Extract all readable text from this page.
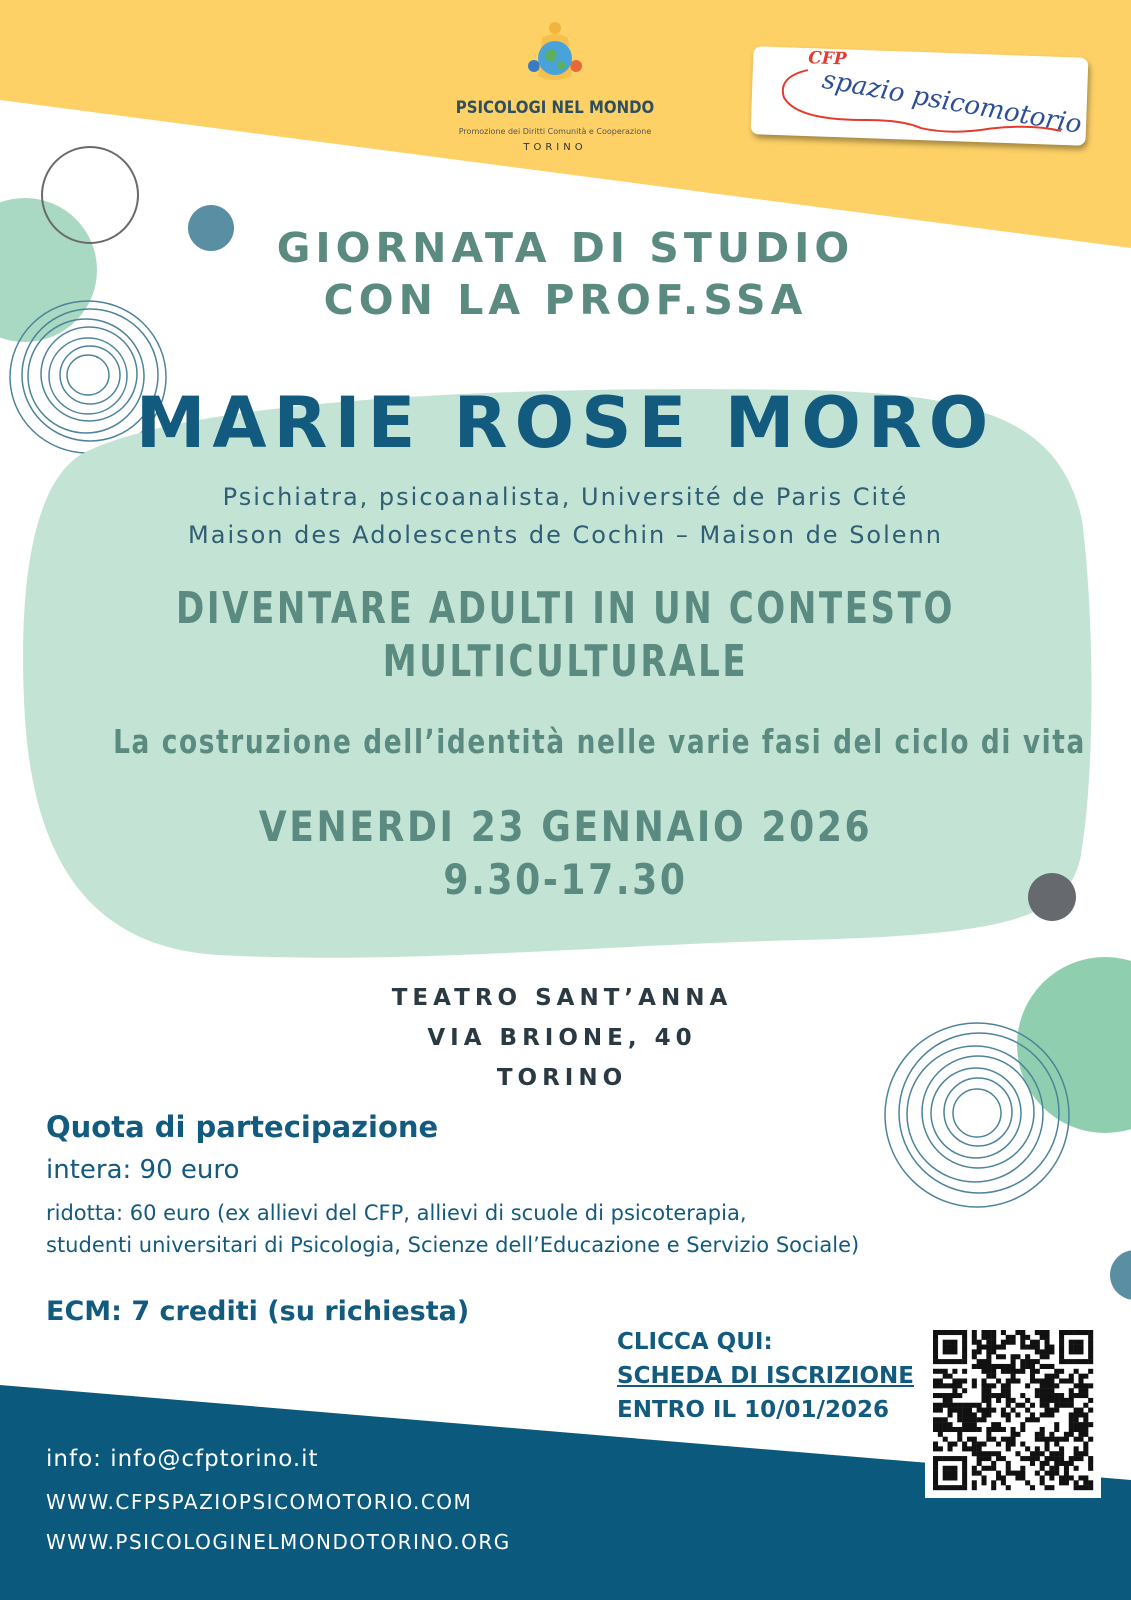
PSICOLOGI NEL MONDO
Promozione dei Diritti Comunità e Cooperazione
TORINO
CFP
spazio psicomotorio
GIORNATA DI STUDIO
CON LA PROF.SSA
MARIE ROSE MORO
Psichiatra, psicoanalista, Université de Paris Cité
Maison des Adolescents de Cochin – Maison de Solenn
DIVENTARE ADULTI IN UN CONTESTO
MULTICULTURALE
La costruzione dell’identità nelle varie fasi del ciclo di vita
VENERDI 23 GENNAIO 2026
9.30-17.30
TEATRO SANT’ANNA
VIA BRIONE, 40
TORINO
Quota di partecipazione
intera: 90 euro
ridotta: 60 euro (ex allievi del CFP, allievi di scuole di psicoterapia,
studenti universitari di Psicologia, Scienze dell’Educazione e Servizio Sociale)
ECM: 7 crediti (su richiesta)
CLICCA QUI:
SCHEDA DI ISCRIZIONE
ENTRO IL 10/01/2026
info: info@cfptorino.it
WWW.CFPSPAZIOPSICOMOTORIO.COM
WWW.PSICOLOGINELMONDOTORINO.ORG
